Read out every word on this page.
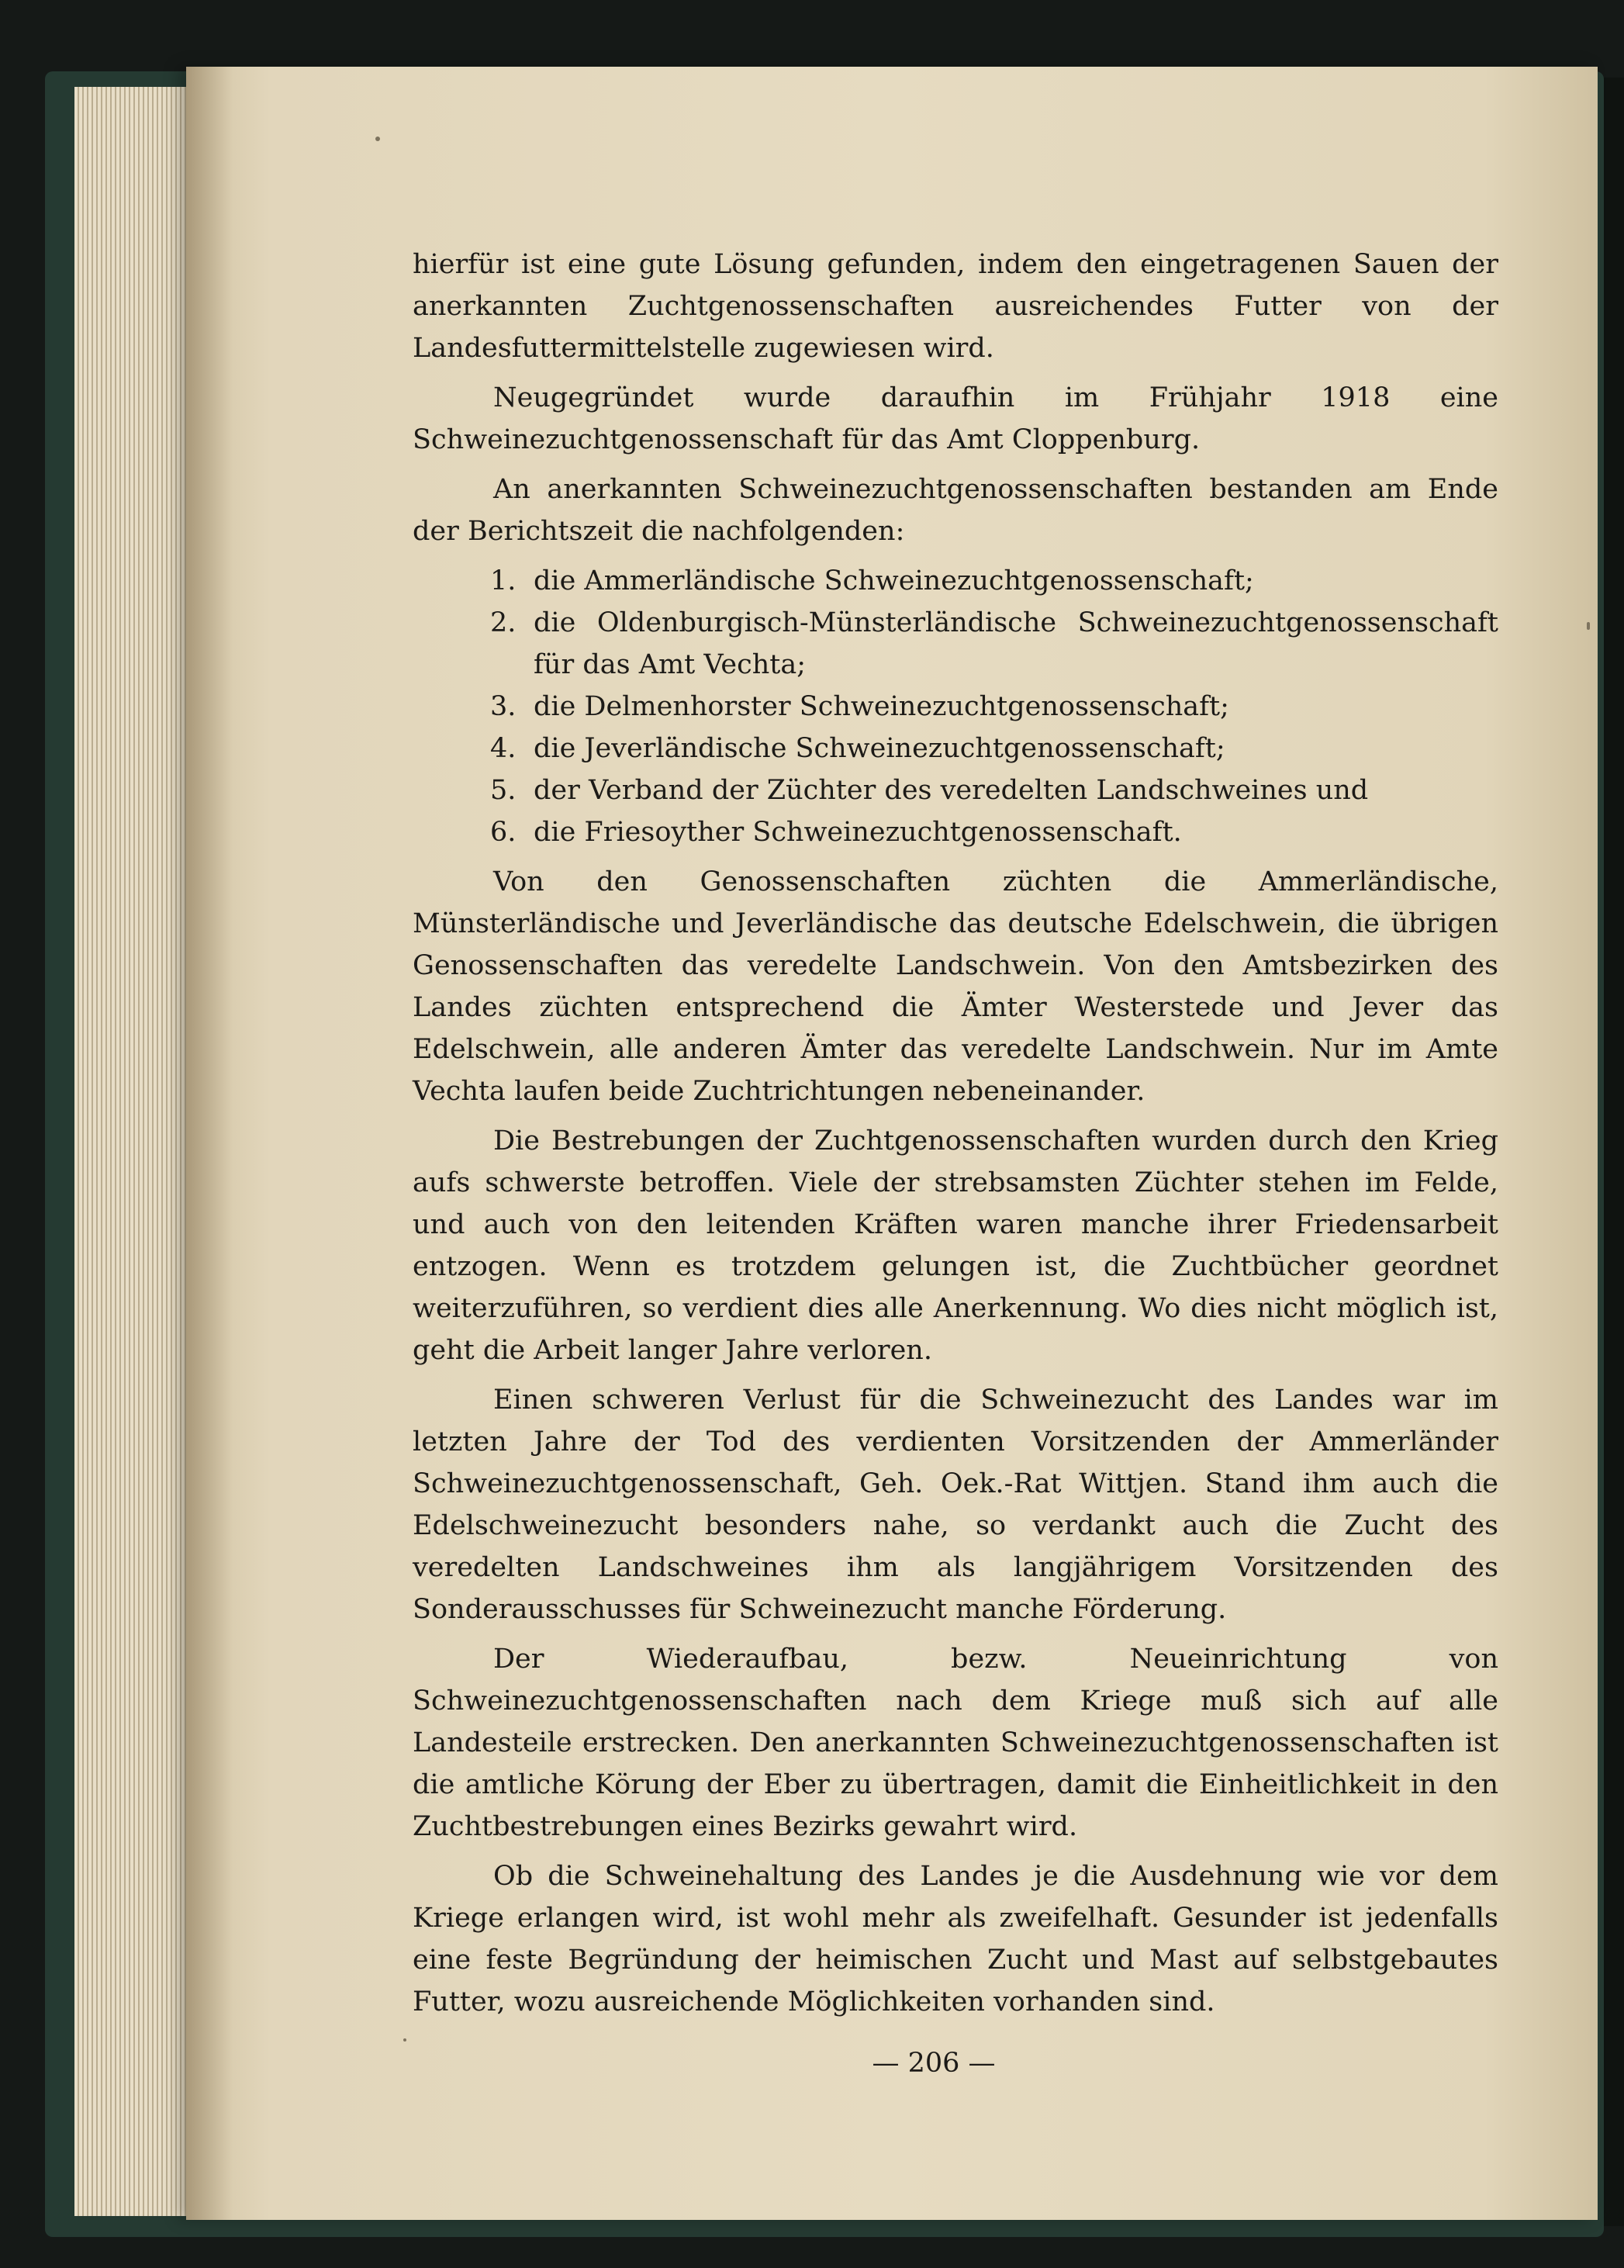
hierfür ist eine gute Lösung gefunden, indem den eingetragenen Sauen der anerkannten Zuchtgenossenschaften ausreichendes Futter von der Landesfuttermittelstelle zugewiesen wird.

Neugegründet wurde daraufhin im Frühjahr 1918 eine Schweinezuchtgenossenschaft für das Amt Cloppenburg.

An anerkannten Schweinezuchtgenossenschaften bestanden am Ende der Berichtszeit die nachfolgenden:

1. die Ammerländische Schweinezuchtgenossenschaft;
2. die Oldenburgisch-Münsterländische Schweinezuchtgenossenschaft für das Amt Vechta;
3. die Delmenhorster Schweinezuchtgenossenschaft;
4. die Jeverländische Schweinezuchtgenossenschaft;
5. der Verband der Züchter des veredelten Landschweines und
6. die Friesoyther Schweinezuchtgenossenschaft.

Von den Genossenschaften züchten die Ammerländische, Münsterländische und Jeverländische das deutsche Edelschwein, die übrigen Genossenschaften das veredelte Landschwein. Von den Amtsbezirken des Landes züchten entsprechend die Ämter Westerstede und Jever das Edelschwein, alle anderen Ämter das veredelte Landschwein. Nur im Amte Vechta laufen beide Zuchtrichtungen nebeneinander.

Die Bestrebungen der Zuchtgenossenschaften wurden durch den Krieg aufs schwerste betroffen. Viele der strebsamsten Züchter stehen im Felde, und auch von den leitenden Kräften waren manche ihrer Friedensarbeit entzogen. Wenn es trotzdem gelungen ist, die Zuchtbücher geordnet weiterzuführen, so verdient dies alle Anerkennung. Wo dies nicht möglich ist, geht die Arbeit langer Jahre verloren.

Einen schweren Verlust für die Schweinezucht des Landes war im letzten Jahre der Tod des verdienten Vorsitzenden der Ammerländer Schweinezuchtgenossenschaft, Geh. Oek.-Rat Wittjen. Stand ihm auch die Edelschweinezucht besonders nahe, so verdankt auch die Zucht des veredelten Landschweines ihm als langjährigem Vorsitzenden des Sonderausschusses für Schweinezucht manche Förderung.

Der Wiederaufbau, bezw. Neueinrichtung von Schweinezuchtgenossenschaften nach dem Kriege muß sich auf alle Landesteile erstrecken. Den anerkannten Schweinezuchtgenossenschaften ist die amtliche Körung der Eber zu übertragen, damit die Einheitlichkeit in den Zuchtbestrebungen eines Bezirks gewahrt wird.

Ob die Schweinehaltung des Landes je die Ausdehnung wie vor dem Kriege erlangen wird, ist wohl mehr als zweifelhaft. Gesunder ist jedenfalls eine feste Begründung der heimischen Zucht und Mast auf selbstgebautes Futter, wozu ausreichende Möglichkeiten vorhanden sind.

— 206 —
